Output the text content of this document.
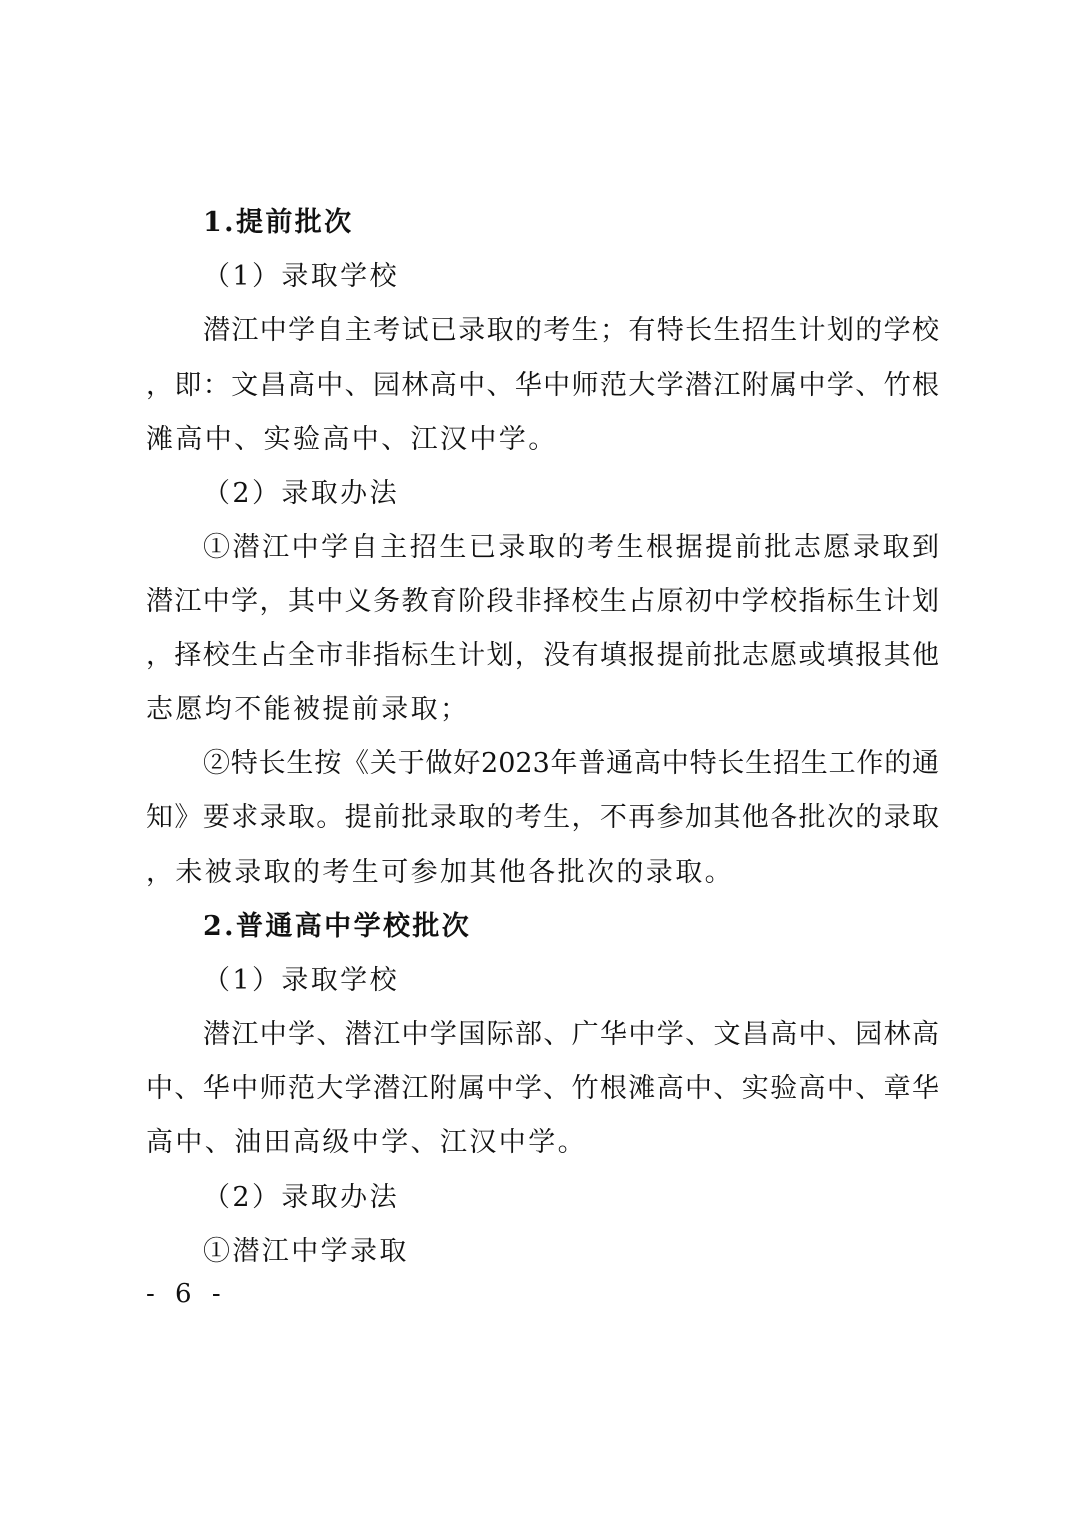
1.提前批次
（1）录取学校
潜江中学自主考试已录取的考生；有特长生招生计划的学校
，即：文昌高中、园林高中、华中师范大学潜江附属中学、竹根
滩高中、实验高中、江汉中学。
（2）录取办法
①潜江中学自主招生已录取的考生根据提前批志愿录取到
潜江中学，其中义务教育阶段非择校生占原初中学校指标生计划
，择校生占全市非指标生计划，没有填报提前批志愿或填报其他
志愿均不能被提前录取；
②特长生按《关于做好2023年普通高中特长生招生工作的通
知》要求录取。提前批录取的考生，不再参加其他各批次的录取
，未被录取的考生可参加其他各批次的录取。
2.普通高中学校批次
（1）录取学校
潜江中学、潜江中学国际部、广华中学、文昌高中、园林高
中、华中师范大学潜江附属中学、竹根滩高中、实验高中、章华
高中、油田高级中学、江汉中学。
（2）录取办法
①潜江中学录取
- 6 -
